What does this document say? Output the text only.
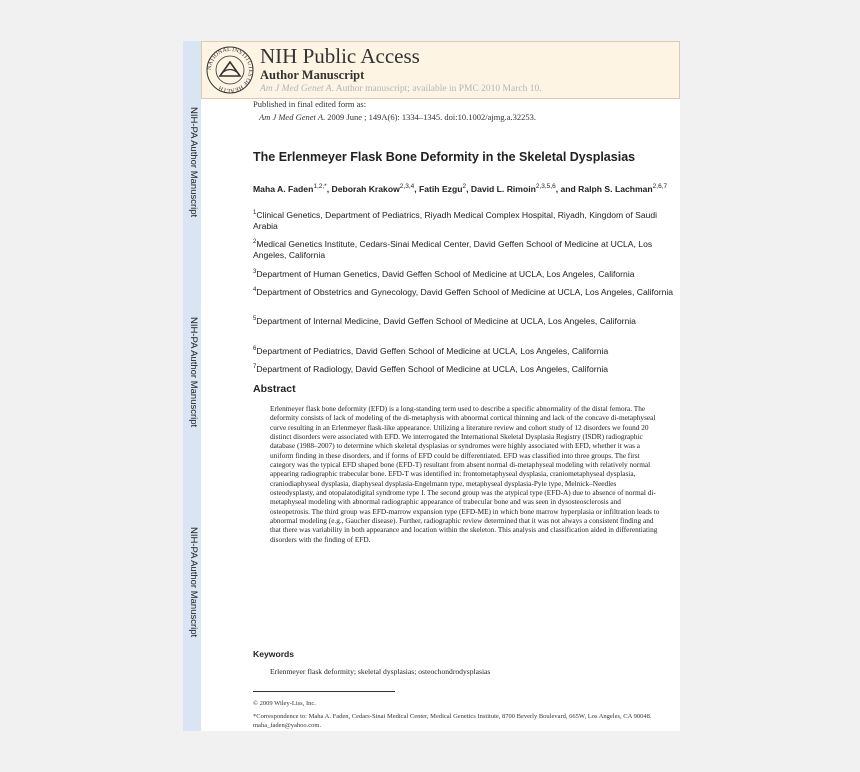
NIH-PA Author Manuscript
NIH-PA Author Manuscript
NIH-PA Author Manuscript
NATIONAL INSTITUTES OF HEALTH
NIH Public Access
Author Manuscript
Am J Med Genet A. Author manuscript; available in PMC 2010 March 10.
Published in final edited form as:
Am J Med Genet A. 2009 June ; 149A(6): 1334–1345. doi:10.1002/ajmg.a.32253.
The Erlenmeyer Flask Bone Deformity in the Skeletal Dysplasias
Maha A. Faden$^{1,2,*}$, Deborah Krakow$^{2,3,4}$, Fatih Ezgu$^2$, David L. Rimoin$^{2,3,5,6}$, and Ralph S. Lachman$^{2,6,7}$
$^1$Clinical Genetics, Department of Pediatrics, Riyadh Medical Complex Hospital, Riyadh, Kingdom of Saudi Arabia
$^2$Medical Genetics Institute, Cedars-Sinai Medical Center, David Geffen School of Medicine at UCLA, Los Angeles, California
$^3$Department of Human Genetics, David Geffen School of Medicine at UCLA, Los Angeles, California
$^4$Department of Obstetrics and Gynecology, David Geffen School of Medicine at UCLA, Los Angeles, California
$^5$Department of Internal Medicine, David Geffen School of Medicine at UCLA, Los Angeles, California
$^6$Department of Pediatrics, David Geffen School of Medicine at UCLA, Los Angeles, California
$^7$Department of Radiology, David Geffen School of Medicine at UCLA, Los Angeles, California
Abstract
Erlenmeyer flask bone deformity (EFD) is a long-standing term used to describe a specific abnormality of the distal femora. The deformity consists of lack of modeling of the di-metaphysis with abnormal cortical thinning and lack of the concave di-metaphyseal curve resulting in an Erlenmeyer flask-like appearance. Utilizing a literature review and cohort study of 12 disorders we found 20 distinct disorders were associated with EFD. We interrogated the International Skeletal Dysplasia Registry (ISDR) radiographic database (1988–2007) to determine which skeletal dysplasias or syndromes were highly associated with EFD, whether it was a uniform finding in these disorders, and if forms of EFD could be differentiated. EFD was classified into three groups. The first category was the typical EFD shaped bone (EFD-T) resultant from absent normal di-metaphyseal modeling with relatively normal appearing radiographic trabecular bone. EFD-T was identified in: frontometaphyseal dysplasia, craniometaphyseal dysplasia, craniodiaphyseal dysplasia, diaphyseal dysplasia-Engelmann type, metaphyseal dysplasia-Pyle type, Melnick–Needles osteodysplasty, and otopalatodigital syndrome type I. The second group was the atypical type (EFD-A) due to absence of normal di-metaphyseal modeling with abnormal radiographic appearance of trabecular bone and was seen in dysosteosclerosis and osteopetrosis. The third group was EFD-marrow expansion type (EFD-ME) in which bone marrow hyperplasia or infiltration leads to abnormal modeling (e.g., Gaucher disease). Further, radiographic review determined that it was not always a consistent finding and that there was variability in both appearance and location within the skeleton. This analysis and classification aided in differentiating disorders with the finding of EFD.
Keywords
Erlenmeyer flask deformity; skeletal dysplasias; osteochondrodysplasias
© 2009 Wiley-Liss, Inc.
*Correspondence to: Maha A. Faden, Cedars-Sinai Medical Center, Medical Genetics Institute, 8700 Beverly Boulevard, 665W, Los Angeles, CA 90048. maha_faden@yahoo.com.
